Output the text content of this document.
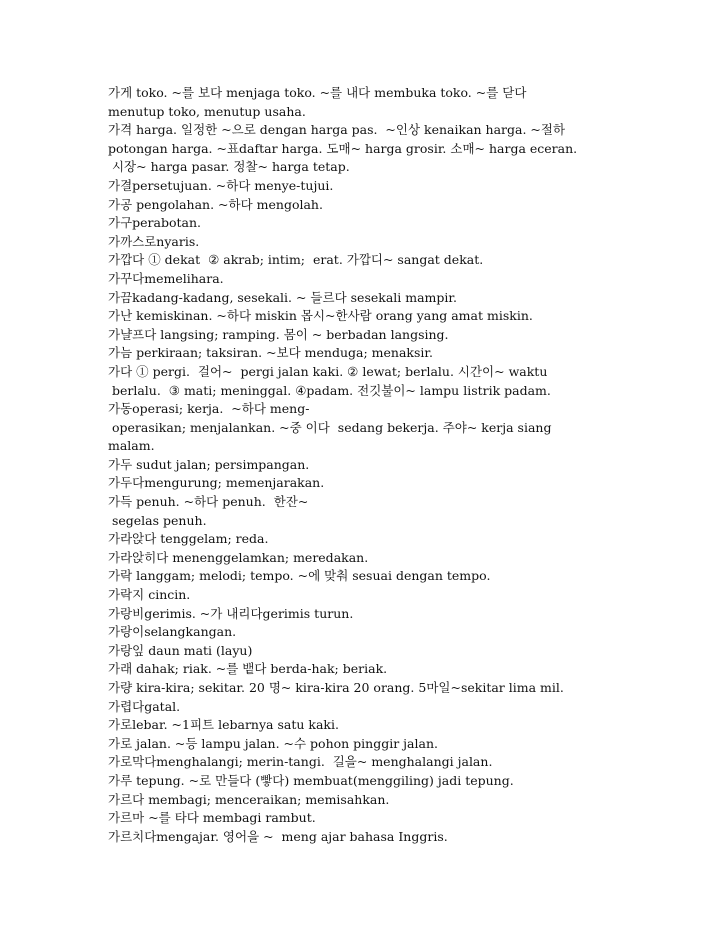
가게 toko. ~를 보다 menjaga toko. ~를 내다 membuka toko. ~를 닫다
menutup toko, menutup usaha.
가격 harga. 일정한 ~으로 dengan harga pas.  ~인상 kenaikan harga. ~절하
potongan harga. ~표daftar harga. 도매~ harga grosir. 소매~ harga eceran.
시장~ harga pasar. 정찰~ harga tetap.
가결persetujuan. ~하다 menye-tujui.
가공 pengolahan. ~하다 mengolah.
가구perabotan.
가까스로nyaris.
가깝다 ① dekat  ② akrab; intim;  erat. 가깝디~ sangat dekat.
가꾸다memelihara.
가끔kadang-kadang, sesekali. ~ 들르다 sesekali mampir.
가난 kemiskinan. ~하다 miskin 몹시~한사람 orang yang amat miskin.
가냘프다 langsing; ramping. 몸이 ~ berbadan langsing.
가늠 perkiraan; taksiran. ~보다 menduga; menaksir.
가다 ① pergi.  걸어~  pergi jalan kaki. ② lewat; berlalu. 시간이~ waktu
berlalu.  ③ mati; meninggal. ④padam. 전깃불이~ lampu listrik padam.
가동operasi; kerja.  ~하다 meng-
operasikan; menjalankan. ~중 이다  sedang bekerja. 주야~ kerja siang
malam.
가두 sudut jalan; persimpangan.
가두다mengurung; memenjarakan.
가득 penuh. ~하다 penuh.  한잔~
segelas penuh.
가라앉다 tenggelam; reda.
가라앉히다 menenggelamkan; meredakan.
가락 langgam; melodi; tempo. ~에 맞춰 sesuai dengan tempo.
가락지 cincin.
가랑비gerimis. ~가 내리다gerimis turun.
가랑이selangkangan.
가랑잎 daun mati (layu)
가래 dahak; riak. ~를 뱉다 berda-hak; beriak.
가량 kira-kira; sekitar. 20 명~ kira-kira 20 orang. 5마일~sekitar lima mil.
가렵다gatal.
가로lebar. ~1피트 lebarnya satu kaki.
가로 jalan. ~등 lampu jalan. ~수 pohon pinggir jalan.
가로막다menghalangi; merin-tangi.  길을~ menghalangi jalan.
가루 tepung. ~로 만들다 (빻다) membuat(menggiling) jadi tepung.
가르다 membagi; menceraikan; memisahkan.
가르마 ~를 타다 membagi rambut.
가르치다mengajar. 영어을 ~  meng ajar bahasa Inggris.
